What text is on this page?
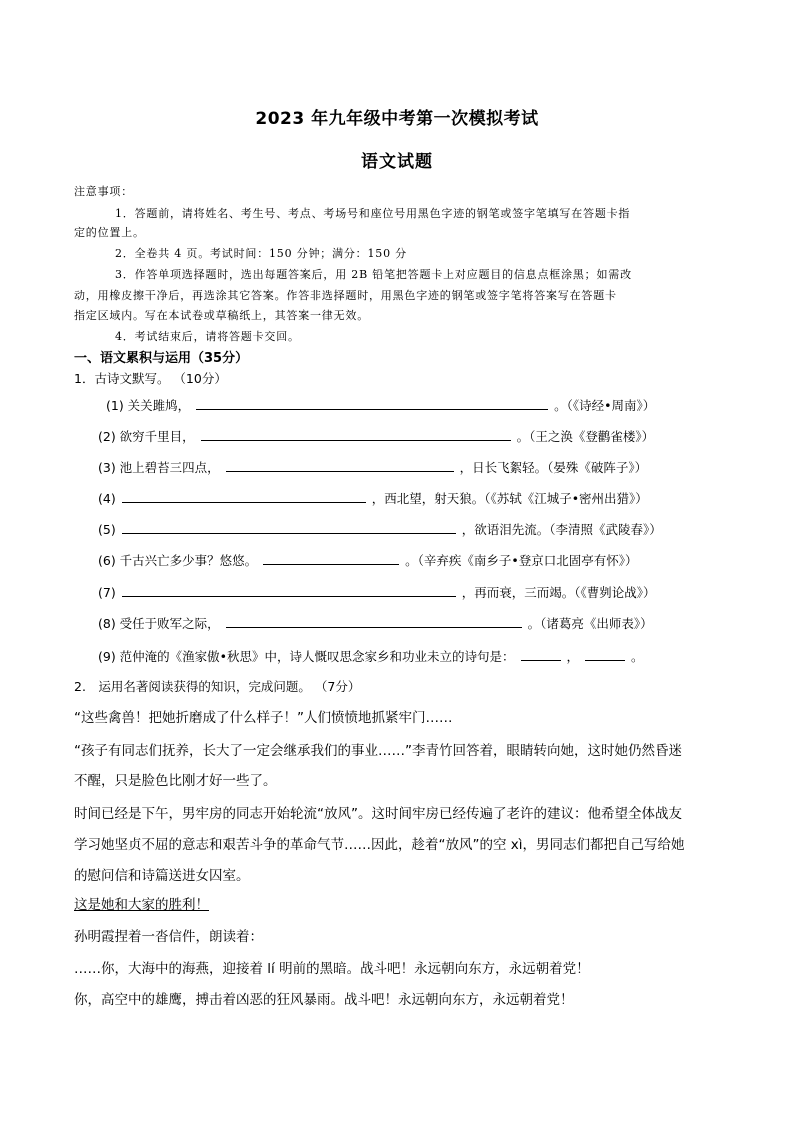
2023 年九年级中考第一次模拟考试
语文试题
注意事项：
1．答题前，请将姓名、考生号、考点、考场号和座位号用黑色字迹的钢笔或签字笔填写在答题卡指
定的位置上。
2．全卷共 4 页。考试时间：150 分钟；满分：150 分
3．作答单项选择题时，选出每题答案后，用 2B 铅笔把答题卡上对应题目的信息点框涂黑；如需改
动，用橡皮擦干净后，再选涂其它答案。作答非选择题时，用黑色字迹的钢笔或签字笔将答案写在答题卡
指定区域内。写在本试卷或草稿纸上，其答案一律无效。
4．考试结束后，请将答题卡交回。
一、语文累积与运用（35分）
1．古诗文默写。 （10分）
(1) 关关雎鸠，	。（《诗经•周南》）
(2) 欲穷千里目，	。（王之涣《登鹳雀楼》）
(3) 池上碧苔三四点，	，日长飞絮轻。（晏殊《破阵子》）
(4)	，西北望，射天狼。（《苏轼《江城子•密州出猎》）
(5)	，欲语泪先流。（李清照《武陵春》）
(6) 千古兴亡多少事？悠悠。	。（辛弃疾《南乡子•登京口北固亭有怀》）
(7)	，再而衰，三而竭。（《曹刿论战》）
(8) 受任于败军之际，	。（诸葛亮《出师表》）
(9) 范仲淹的《渔家傲•秋思》中，诗人慨叹思念家乡和功业未立的诗句是：	，	。
2.　运用名著阅读获得的知识，完成问题。 （7分）
“这些禽兽！把她折磨成了什么样子！”人们愤愤地抓紧牢门……
“孩子有同志们抚养，长大了一定会继承我们的事业……”李青竹回答着，眼睛转向她，这时她仍然昏迷
不醒，只是脸色比刚才好一些了。
时间已经是下午，男牢房的同志开始轮流“放风”。这时间牢房已经传遍了老许的建议：他希望全体战友
学习她坚贞不屈的意志和艰苦斗争的革命气节……因此，趁着“放风”的空 xì，男同志们都把自己写给她
的慰问信和诗篇送进女囚室。
这是她和大家的胜利！
孙明霞捏着一沓信件，朗读着：
……你，大海中的海燕，迎接着 lí 明前的黑暗。战斗吧！永远朝向东方，永远朝着党！
你，高空中的雄鹰，搏击着凶恶的狂风暴雨。战斗吧！永远朝向东方，永远朝着党！
